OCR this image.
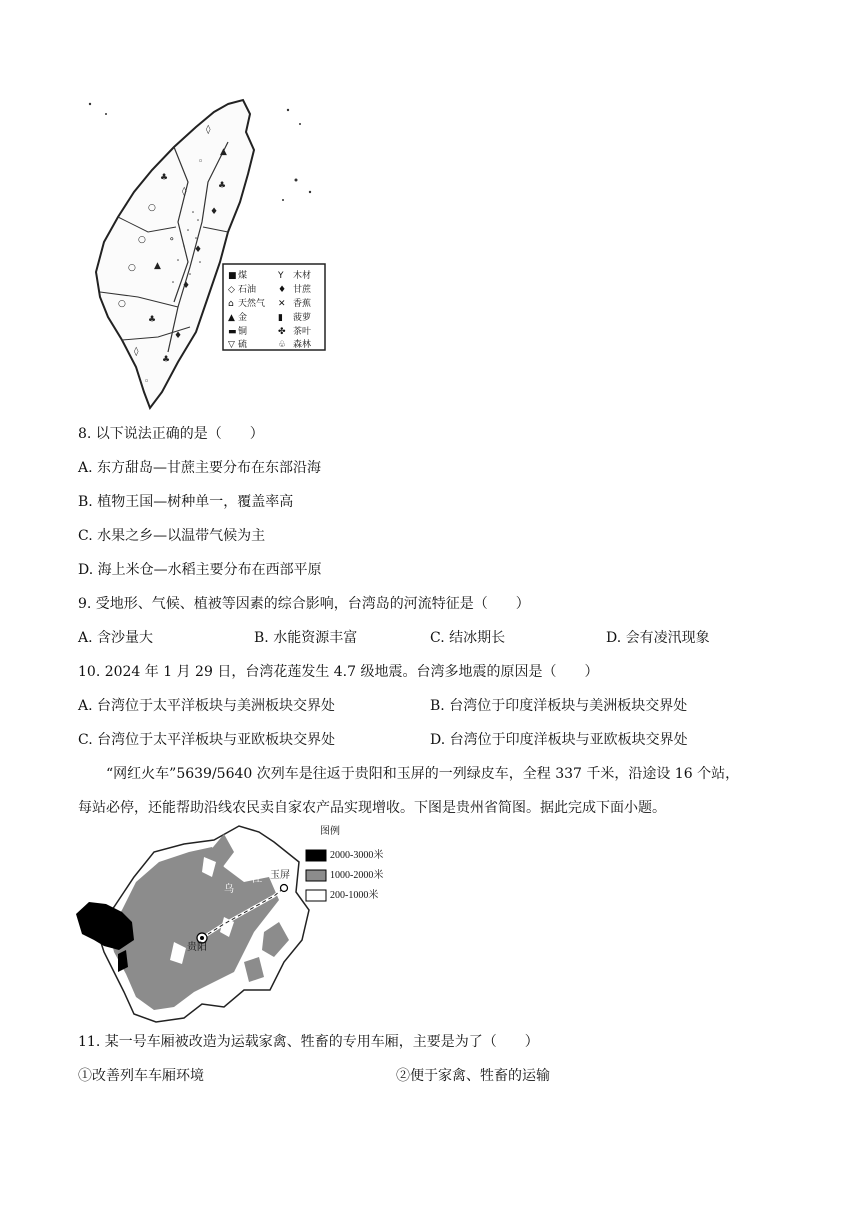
◊
▲
◦
♣
◊
♣
○
○ ⚬
♦
○ ▲
♦
○
♣
♦
◊
♣
◦
♦
■ 煤
◇ 石油
⌂ 天然气
▲ 金
▬ 铜
▽ 硫
Y 木材
♦ 甘蔗
✕ 香蕉
▮ 菠萝
✤ 茶叶
♧ 森林
8. 以下说法正确的是（　　）
A. 东方甜岛—甘蔗主要分布在东部沿海
B. 植物王国—树种单一，覆盖率高
C. 水果之乡—以温带气候为主
D. 海上米仓—水稻主要分布在西部平原
9. 受地形、气候、植被等因素的综合影响，台湾岛的河流特征是（　　）
A. 含沙量大	B. 水能资源丰富	C. 结冰期长	D. 会有凌汛现象
10. 2024 年 1 月 29 日，台湾花莲发生 4.7 级地震。台湾多地震的原因是（　　）
A. 台湾位于太平洋板块与美洲板块交界处	B. 台湾位于印度洋板块与美洲板块交界处
C. 台湾位于太平洋板块与亚欧板块交界处	D. 台湾位于印度洋板块与亚欧板块交界处
“网红火车”5639/5640 次列车是往返于贵阳和玉屏的一列绿皮车，全程 337 千米，沿途设 16 个站，
每站必停，还能帮助沿线农民卖自家农产品实现增收。下图是贵州省简图。据此完成下面小题。
图例
2000-3000米
1000-2000米
200-1000米
贵阳
玉屏
乌
江
11. 某一号车厢被改造为运载家禽、牲畜的专用车厢，主要是为了（　　）
①改善列车车厢环境	②便于家禽、牲畜的运输
